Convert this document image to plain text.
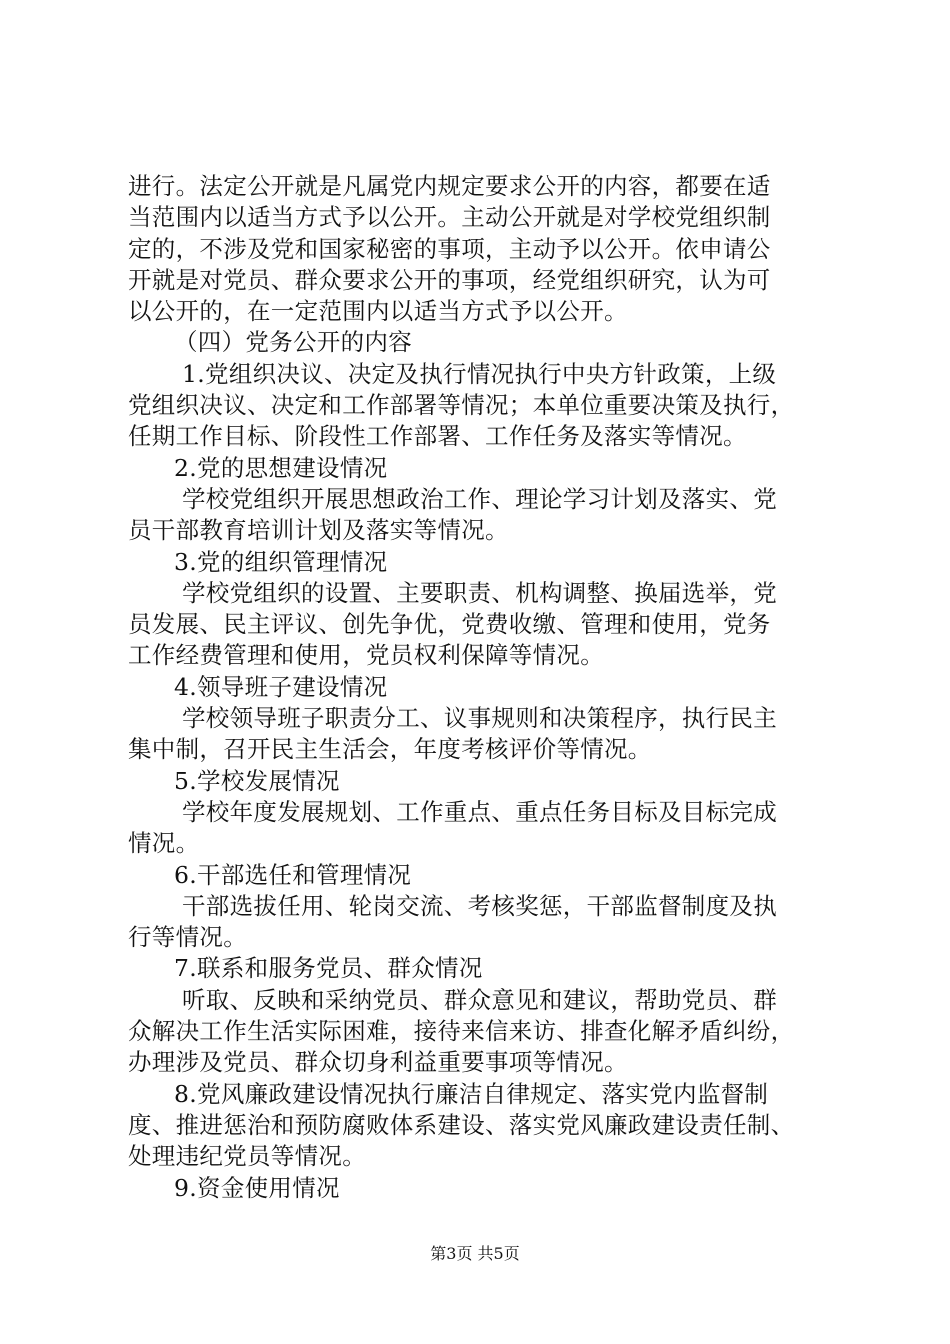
进行。法定公开就是凡属党内规定要求公开的内容，都要在适
当范围内以适当方式予以公开。主动公开就是对学校党组织制
定的，不涉及党和国家秘密的事项，主动予以公开。依申请公
开就是对党员、群众要求公开的事项，经党组织研究，认为可
以公开的，在一定范围内以适当方式予以公开。
（四）党务公开的内容
1.党组织决议、决定及执行情况执行中央方针政策，上级
党组织决议、决定和工作部署等情况；本单位重要决策及执行，
任期工作目标、阶段性工作部署、工作任务及落实等情况。
2.党的思想建设情况
学校党组织开展思想政治工作、理论学习计划及落实、党
员干部教育培训计划及落实等情况。
3.党的组织管理情况
学校党组织的设置、主要职责、机构调整、换届选举，党
员发展、民主评议、创先争优，党费收缴、管理和使用，党务
工作经费管理和使用，党员权利保障等情况。
4.领导班子建设情况
学校领导班子职责分工、议事规则和决策程序，执行民主
集中制，召开民主生活会，年度考核评价等情况。
5.学校发展情况
学校年度发展规划、工作重点、重点任务目标及目标完成
情况。
6.干部选任和管理情况
干部选拔任用、轮岗交流、考核奖惩，干部监督制度及执
行等情况。
7.联系和服务党员、群众情况
听取、反映和采纳党员、群众意见和建议，帮助党员、群
众解决工作生活实际困难，接待来信来访、排查化解矛盾纠纷，
办理涉及党员、群众切身利益重要事项等情况。
8.党风廉政建设情况执行廉洁自律规定、落实党内监督制
度、推进惩治和预防腐败体系建设、落实党风廉政建设责任制、
处理违纪党员等情况。
9.资金使用情况
第3页 共5页
